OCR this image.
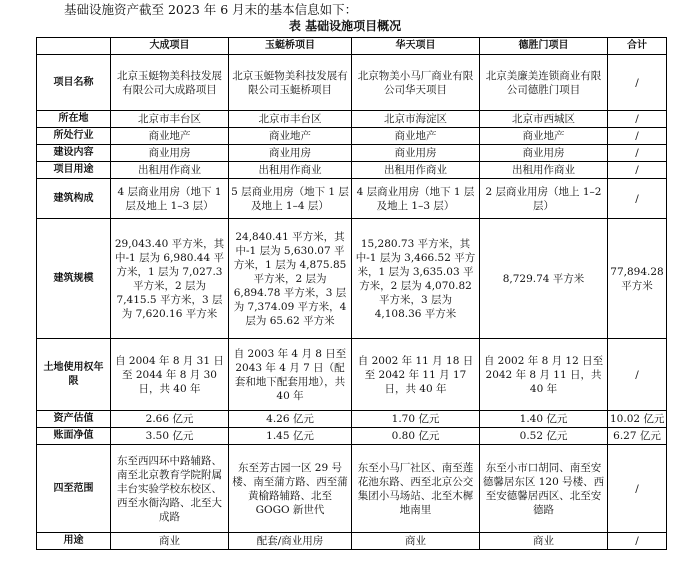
基础设施资产截至 2023 年 6 月末的基本信息如下：
表 基础设施项目概况
	大成项目	玉蜓桥项目	华天项目	德胜门项目	合计
项目名称	北京玉蜓物美科技发展有限公司大成路项目	北京玉蜓物美科技发展有限公司玉蜓桥项目	北京物美小马厂商业有限公司华天项目	北京美廉美连锁商业有限公司德胜门项目	/
所在地	北京市丰台区	北京市丰台区	北京市海淀区	北京市西城区	/
所处行业	商业地产	商业地产	商业地产	商业地产	/
建设内容	商业用房	商业用房	商业用房	商业用房	/
项目用途	出租用作商业	出租用作商业	出租用作商业	出租用作商业	/
建筑构成	4 层商业用房（地下 1 层及地上 1–3 层）	5 层商业用房（地下 1 层及地上 1–4 层）	4 层商业用房（地下 1 层及地上 1–3 层）	2 层商业用房（地上 1–2 层）	/
建筑规模	29,043.40 平方米，其中-1 层为 6,980.44 平方米，1 层为 7,027.3 平方米，2 层为 7,415.5 平方米，3 层为 7,620.16 平方米	24,840.41 平方米，其中-1 层为 5,630.07 平方米，1 层为 4,875.85 平方米，2 层为 6,894.78 平方米，3 层为 7,374.09 平方米，4 层为 65.62 平方米	15,280.73 平方米，其中-1 层为 3,466.52 平方米，1 层为 3,635.03 平方米，2 层为 4,070.82 平方米，3 层为 4,108.36 平方米	8,729.74 平方米	77,894.28 平方米
土地使用权年限	自 2004 年 8 月 31 日至 2044 年 8 月 30 日，共 40 年	自 2003 年 4 月 8 日至 2043 年 4 月 7 日（配套和地下配套用地），共 40 年	自 2002 年 11 月 18 日至 2042 年 11 月 17 日，共 40 年	自 2002 年 8 月 12 日至 2042 年 8 月 11 日，共 40 年	/
资产估值	2.66 亿元	4.26 亿元	1.70 亿元	1.40 亿元	10.02 亿元
账面净值	3.50 亿元	1.45 亿元	0.80 亿元	0.52 亿元	6.27 亿元
四至范围	东至西四环中路辅路、南至北京教育学院附属丰台实验学校东校区、西至水衙沟路、北至大成路	东至芳古园一区 29 号楼、南至蒲方路、西至蒲黄榆路辅路、北至 GOGO 新世代	东至小马厂社区、南至莲花池东路、西至北京公交集团小马场站、北至木樨地南里	东至小市口胡同、南至安德馨居东区 120 号楼、西至安德馨居西区、北至安德路	/
用途	商业	配套/商业用房	商业	商业	/
